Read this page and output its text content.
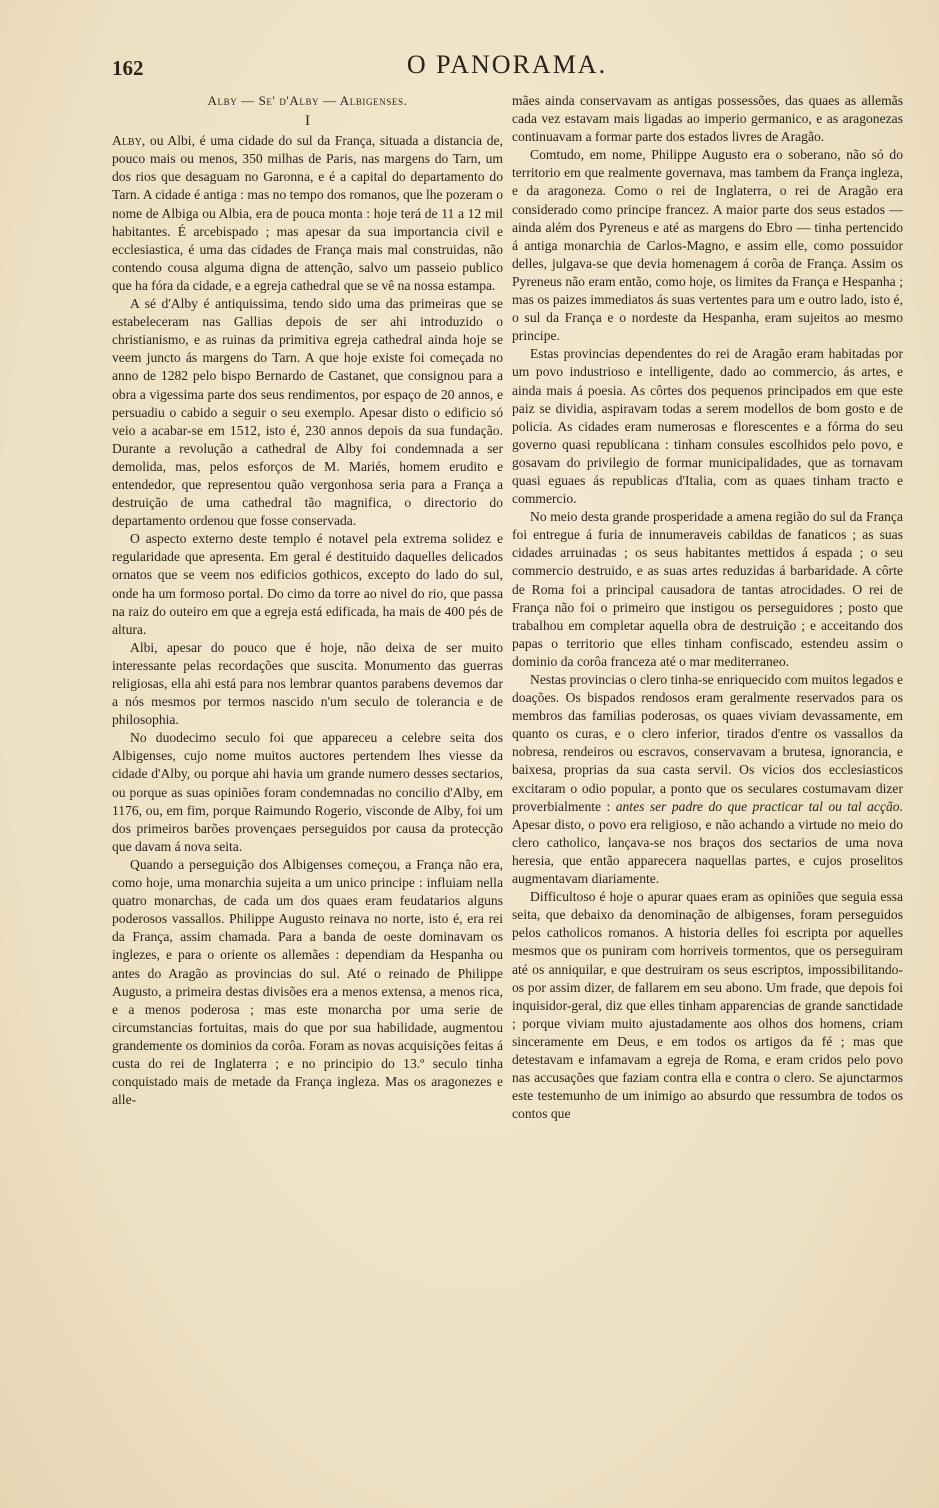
162	O PANORAMA.
Alby — Se' d'Alby — Albigenses.
I

Alby, ou Albi, é uma cidade do sul da França, situada a distancia de, pouco mais ou menos, 350 milhas de Paris, nas margens do Tarn, um dos rios que desaguam no Garonna, e é a capital do departamento do Tarn. A cidade é antiga : mas no tempo dos romanos, que lhe pozeram o nome de Albiga ou Albia, era de pouca monta : hoje terá de 11 a 12 mil habitantes. É arcebispado ; mas apesar da sua importancia civil e ecclesiastica, é uma das cidades de França mais mal construidas, não contendo cousa alguma digna de attenção, salvo um passeio publico que ha fóra da cidade, e a egreja cathedral que se vê na nossa estampa.

A sé d'Alby é antiquissima, tendo sido uma das primeiras que se estabeleceram nas Gallias depois de ser ahi introduzido o christianismo, e as ruinas da primitiva egreja cathedral ainda hoje se veem juncto ás margens do Tarn. A que hoje existe foi começada no anno de 1282 pelo bispo Bernardo de Castanet, que consignou para a obra a vigessima parte dos seus rendimentos, por espaço de 20 annos, e persuadiu o cabido a seguir o seu exemplo. Apesar disto o edificio só veio a acabar-se em 1512, isto é, 230 annos depois da sua fundação. Durante a revolução a cathedral de Alby foi condemnada a ser demolida, mas, pelos esforços de M. Mariés, homem erudito e entendedor, que representou quão vergonhosa seria para a França a destruição de uma cathedral tão magnifica, o directorio do departamento ordenou que fosse conservada.

O aspecto externo deste templo é notavel pela extrema solidez e regularidade que apresenta. Em geral é destituido daquelles delicados ornatos que se veem nos edificios gothicos, excepto do lado do sul, onde ha um formoso portal. Do cimo da torre ao nivel do rio, que passa na raiz do outeiro em que a egreja está edificada, ha mais de 400 pés de altura.

Albi, apesar do pouco que é hoje, não deixa de ser muito interessante pelas recordações que suscita. Monumento das guerras religiosas, ella ahi está para nos lembrar quantos parabens devemos dar a nós mesmos por termos nascido n'um seculo de tolerancia e de philosophia.

No duodecimo seculo foi que appareceu a celebre seita dos Albigenses, cujo nome muitos auctores pertendem lhes viesse da cidade d'Alby, ou porque ahi havia um grande numero desses sectarios, ou porque as suas opiniões foram condemnadas no concilio d'Alby, em 1176, ou, em fim, porque Raimundo Rogerio, visconde de Alby, foi um dos primeiros barões provençaes perseguidos por causa da protecção que davam á nova seita.

Quando a perseguição dos Albigenses começou, a França não era, como hoje, uma monarchia sujeita a um unico principe : influiam nella quatro monarchas, de cada um dos quaes eram feudatarios alguns poderosos vassallos. Philippe Augusto reinava no norte, isto é, era rei da França, assim chamada. Para a banda de oeste dominavam os inglezes, e para o oriente os allemães : dependiam da Hespanha ou antes do Aragão as provincias do sul. Até o reinado de Philippe Augusto, a primeira destas divisões era a menos extensa, a menos rica, e a menos poderosa ; mas este monarcha por uma serie de circumstancias fortuitas, mais do que por sua habilidade, augmentou grandemente os dominios da corôa. Foram as novas acquisições feitas á custa do rei de Inglaterra ; e no principio do 13.º seculo tinha conquistado mais de metade da França ingleza. Mas os aragonezes e alle-

mães ainda conservavam as antigas possessões, das quaes as allemãs cada vez estavam mais ligadas ao imperio germanico, e as aragonezas continuavam a formar parte dos estados livres de Aragão.

Comtudo, em nome, Philippe Augusto era o soberano, não só do territorio em que realmente governava, mas tambem da França ingleza, e da aragoneza. Como o rei de Inglaterra, o rei de Aragão era considerado como principe francez. A maior parte dos seus estados — ainda além dos Pyreneus e até as margens do Ebro — tinha pertencido á antiga monarchia de Carlos-Magno, e assim elle, como possuidor delles, julgava-se que devia homenagem á corôa de França. Assim os Pyreneus não eram então, como hoje, os limites da França e Hespanha ; mas os paizes immediatos ás suas vertentes para um e outro lado, isto é, o sul da França e o nordeste da Hespanha, eram sujeitos ao mesmo principe.

Estas provincias dependentes do rei de Aragão eram habitadas por um povo industrioso e intelligente, dado ao commercio, ás artes, e ainda mais á poesia. As côrtes dos pequenos principados em que este paiz se dividia, aspiravam todas a serem modellos de bom gosto e de policia. As cidades eram numerosas e florescentes e a fórma do seu governo quasi republicana : tinham consules escolhidos pelo povo, e gosavam do privilegio de formar municipalidades, que as tornavam quasi eguaes ás republicas d'Italia, com as quaes tinham tracto e commercio.

No meio desta grande prosperidade a amena região do sul da França foi entregue á furia de innumeraveis cabildas de fanaticos ; as suas cidades arruinadas ; os seus habitantes mettidos á espada ; o seu commercio destruido, e as suas artes reduzidas á barbaridade. A côrte de Roma foi a principal causadora de tantas atrocidades. O rei de França não foi o primeiro que instigou os perseguidores ; posto que trabalhou em completar aquella obra de destruição ; e acceitando dos papas o territorio que elles tinham confiscado, estendeu assim o dominio da corôa franceza até o mar mediterraneo.

Nestas provincias o clero tinha-se enriquecido com muitos legados e doações. Os bispados rendosos eram geralmente reservados para os membros das familias poderosas, os quaes viviam devassamente, em quanto os curas, e o clero inferior, tirados d'entre os vassallos da nobresa, rendeiros ou escravos, conservavam a brutesa, ignorancia, e baixesa, proprias da sua casta servil. Os vicios dos ecclesiasticos excitaram o odio popular, a ponto que os seculares costumavam dizer proverbialmente : antes ser padre do que practicar tal ou tal acção. Apesar disto, o povo era religioso, e não achando a virtude no meio do clero catholico, lançava-se nos braços dos sectarios de uma nova heresia, que então apparecera naquellas partes, e cujos proselitos augmentavam diariamente.

Difficultoso é hoje o apurar quaes eram as opiniões que seguia essa seita, que debaixo da denominação de albigenses, foram perseguidos pelos catholicos romanos. A historia delles foi escripta por aquelles mesmos que os puniram com horriveis tormentos, que os perseguiram até os anniquilar, e que destruiram os seus escriptos, impossibilitando-os por assim dizer, de fallarem em seu abono. Um frade, que depois foi inquisidor-geral, diz que elles tinham apparencias de grande sanctidade ; porque viviam muito ajustadamente aos olhos dos homens, criam sinceramente em Deus, e em todos os artigos da fé ; mas que detestavam e infamavam a egreja de Roma, e eram cridos pelo povo nas accusações que faziam contra ella e contra o clero. Se ajunctarmos este testemunho de um inimigo ao absurdo que ressumbra de todos os contos que
